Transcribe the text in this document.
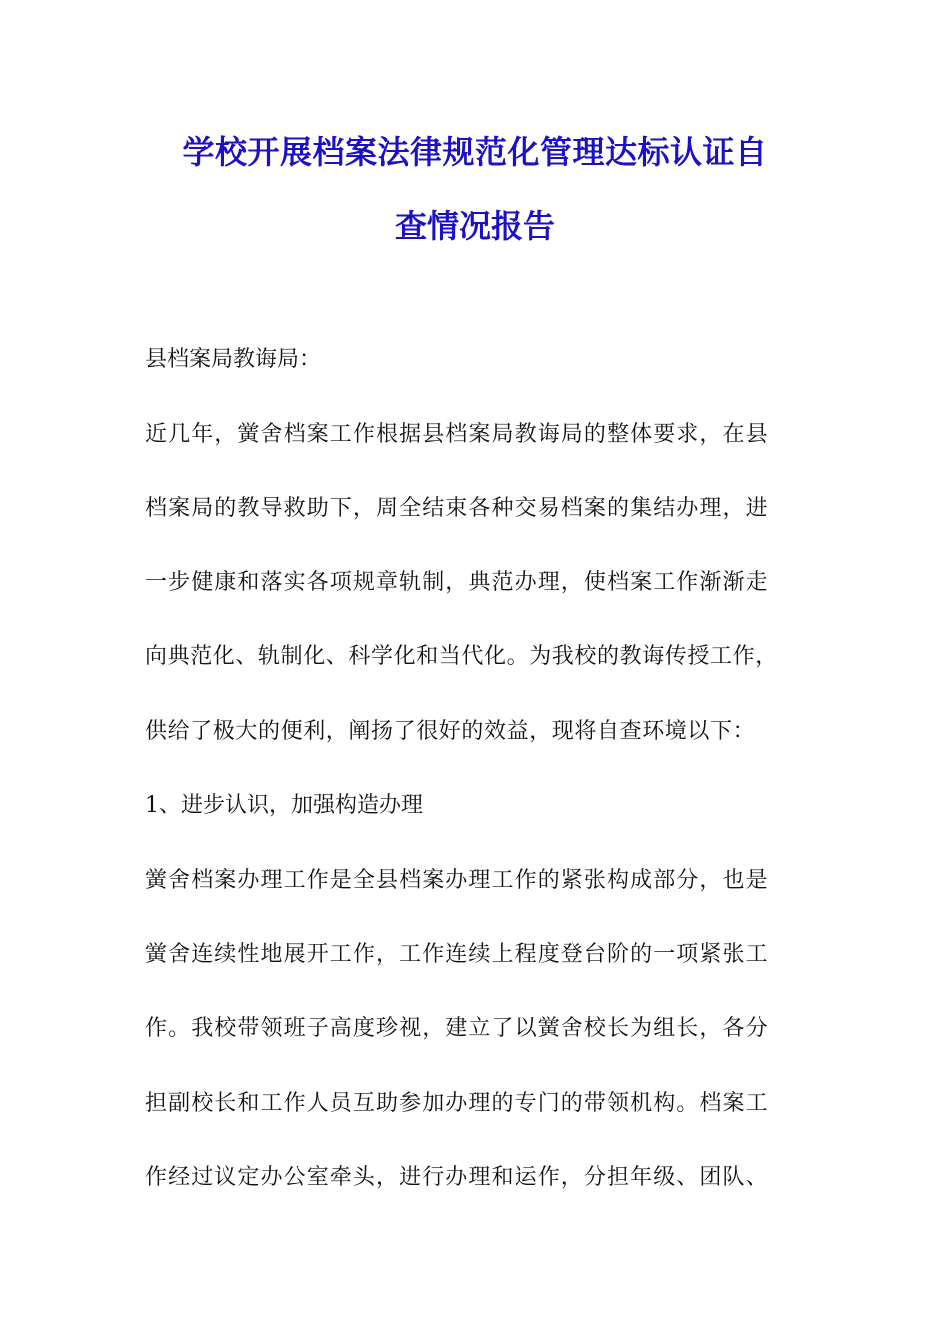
学校开展档案法律规范化管理达标认证自
查情况报告
县档案局教诲局：
近几年，黉舍档案工作根据县档案局教诲局的整体要求，在县
档案局的教导救助下，周全结束各种交易档案的集结办理，进
一步健康和落实各项规章轨制，典范办理，使档案工作渐渐走
向典范化、轨制化、科学化和当代化。为我校的教诲传授工作，
供给了极大的便利，阐扬了很好的效益，现将自查环境以下：
1、进步认识，加强构造办理
黉舍档案办理工作是全县档案办理工作的紧张构成部分，也是
黉舍连续性地展开工作，工作连续上程度登台阶的一项紧张工
作。我校带领班子高度珍视，建立了以黉舍校长为组长，各分
担副校长和工作人员互助参加办理的专门的带领机构。档案工
作经过议定办公室牵头，进行办理和运作，分担年级、团队、
